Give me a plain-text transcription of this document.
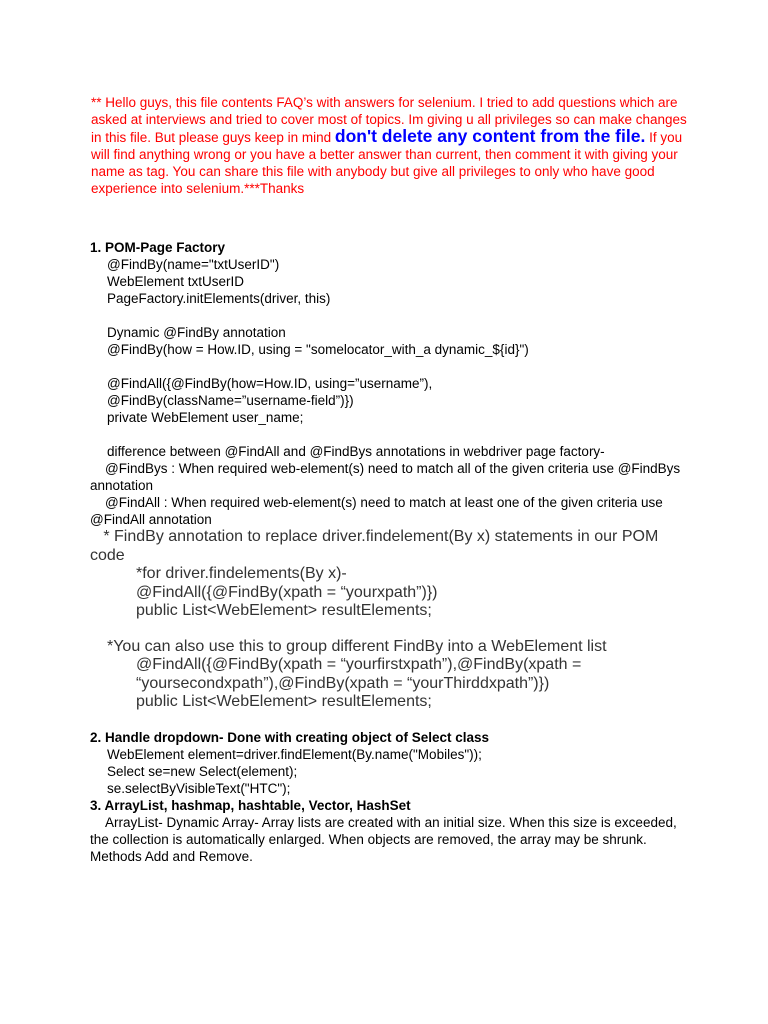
** Hello guys, this file contents FAQ’s with answers for selenium. I tried to add questions which are asked at interviews and tried to cover most of topics. Im giving u all privileges so can make changes in this file. But please guys keep in mind don't delete any content from the file. If you will find anything wrong or you have a better answer than current, then comment it with giving your name as tag. You can share this file with anybody but give all privileges to only who have good experience into selenium.***Thanks
1. POM-Page Factory
@FindBy(name="txtUserID")
WebElement txtUserID
PageFactory.initElements(driver, this)
Dynamic @FindBy annotation
@FindBy(how = How.ID, using = "somelocator_with_a dynamic_${id}")
@FindAll({@FindBy(how=How.ID, using=”username”),
@FindBy(className=”username-field”)})
private WebElement user_name;
difference between @FindAll and @FindBys annotations in webdriver page factory-
@FindBys : When required web-element(s) need to match all of the given criteria use @FindBys annotation
@FindAll : When required web-element(s) need to match at least one of the given criteria use @FindAll annotation
* FindBy annotation to replace driver.findelement(By x) statements in our POM code
*for driver.findelements(By x)-
@FindAll({@FindBy(xpath = “yourxpath”)})
public List<WebElement> resultElements;
*You can also use this to group different FindBy into a WebElement list
@FindAll({@FindBy(xpath = “yourfirstxpath”),@FindBy(xpath = “yoursecondxpath”),@FindBy(xpath = “yourThirddxpath”)})
public List<WebElement> resultElements;
2. Handle dropdown- Done with creating object of Select class
WebElement element=driver.findElement(By.name("Mobiles"));
Select se=new Select(element);
se.selectByVisibleText("HTC");
3. ArrayList, hashmap, hashtable, Vector, HashSet
ArrayList- Dynamic Array- Array lists are created with an initial size. When this size is exceeded, the collection is automatically enlarged. When objects are removed, the array may be shrunk. Methods Add and Remove.
